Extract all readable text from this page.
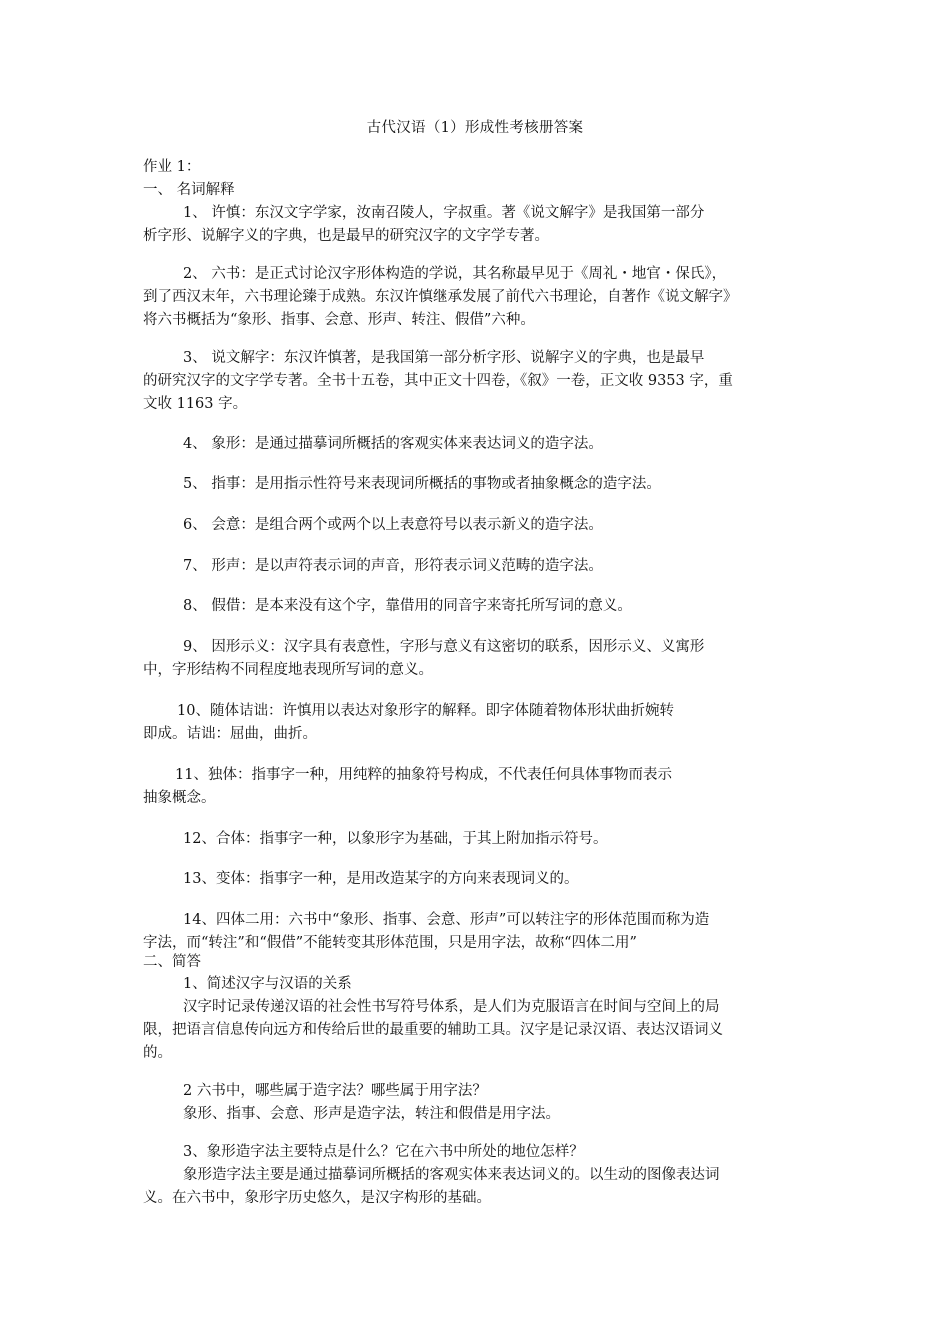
古代汉语（1）形成性考核册答案
作业 1：
一、 名词解释
1、 许慎：东汉文字学家，汝南召陵人，字叔重。著《说文解字》是我国第一部分
析字形、说解字义的字典，也是最早的研究汉字的文字学专著。
2、 六书：是正式讨论汉字形体构造的学说，其名称最早见于《周礼・地官・保氏》，
到了西汉末年，六书理论臻于成熟。东汉许慎继承发展了前代六书理论，自著作《说文解字》
将六书概括为“象形、指事、会意、形声、转注、假借”六种。
3、 说文解字：东汉许慎著，是我国第一部分析字形、说解字义的字典，也是最早
的研究汉字的文字学专著。全书十五卷，其中正文十四卷，《叙》一卷，正文收 9353 字，重
文收 1163 字。
4、 象形：是通过描摹词所概括的客观实体来表达词义的造字法。
5、 指事：是用指示性符号来表现词所概括的事物或者抽象概念的造字法。
6、 会意：是组合两个或两个以上表意符号以表示新义的造字法。
7、 形声：是以声符表示词的声音，形符表示词义范畴的造字法。
8、 假借：是本来没有这个字，靠借用的同音字来寄托所写词的意义。
9、 因形示义：汉字具有表意性，字形与意义有这密切的联系，因形示义、义寓形
中，字形结构不同程度地表现所写词的意义。
10、随体诘诎：许慎用以表达对象形字的解释。即字体随着物体形状曲折婉转
即成。诘诎：屈曲，曲折。
11、独体：指事字一种，用纯粹的抽象符号构成，不代表任何具体事物而表示
抽象概念。
12、合体：指事字一种，以象形字为基础，于其上附加指示符号。
13、变体：指事字一种，是用改造某字的方向来表现词义的。
14、四体二用：六书中“象形、指事、会意、形声”可以转注字的形体范围而称为造
字法，而“转注”和“假借”不能转变其形体范围，只是用字法，故称“四体二用”
二、简答
1、简述汉字与汉语的关系
汉字时记录传递汉语的社会性书写符号体系，是人们为克服语言在时间与空间上的局
限，把语言信息传向远方和传给后世的最重要的辅助工具。汉字是记录汉语、表达汉语词义
的。
2 六书中，哪些属于造字法？哪些属于用字法？
象形、指事、会意、形声是造字法，转注和假借是用字法。
3、象形造字法主要特点是什么？它在六书中所处的地位怎样？
象形造字法主要是通过描摹词所概括的客观实体来表达词义的。以生动的图像表达词
义。在六书中，象形字历史悠久，是汉字构形的基础。
